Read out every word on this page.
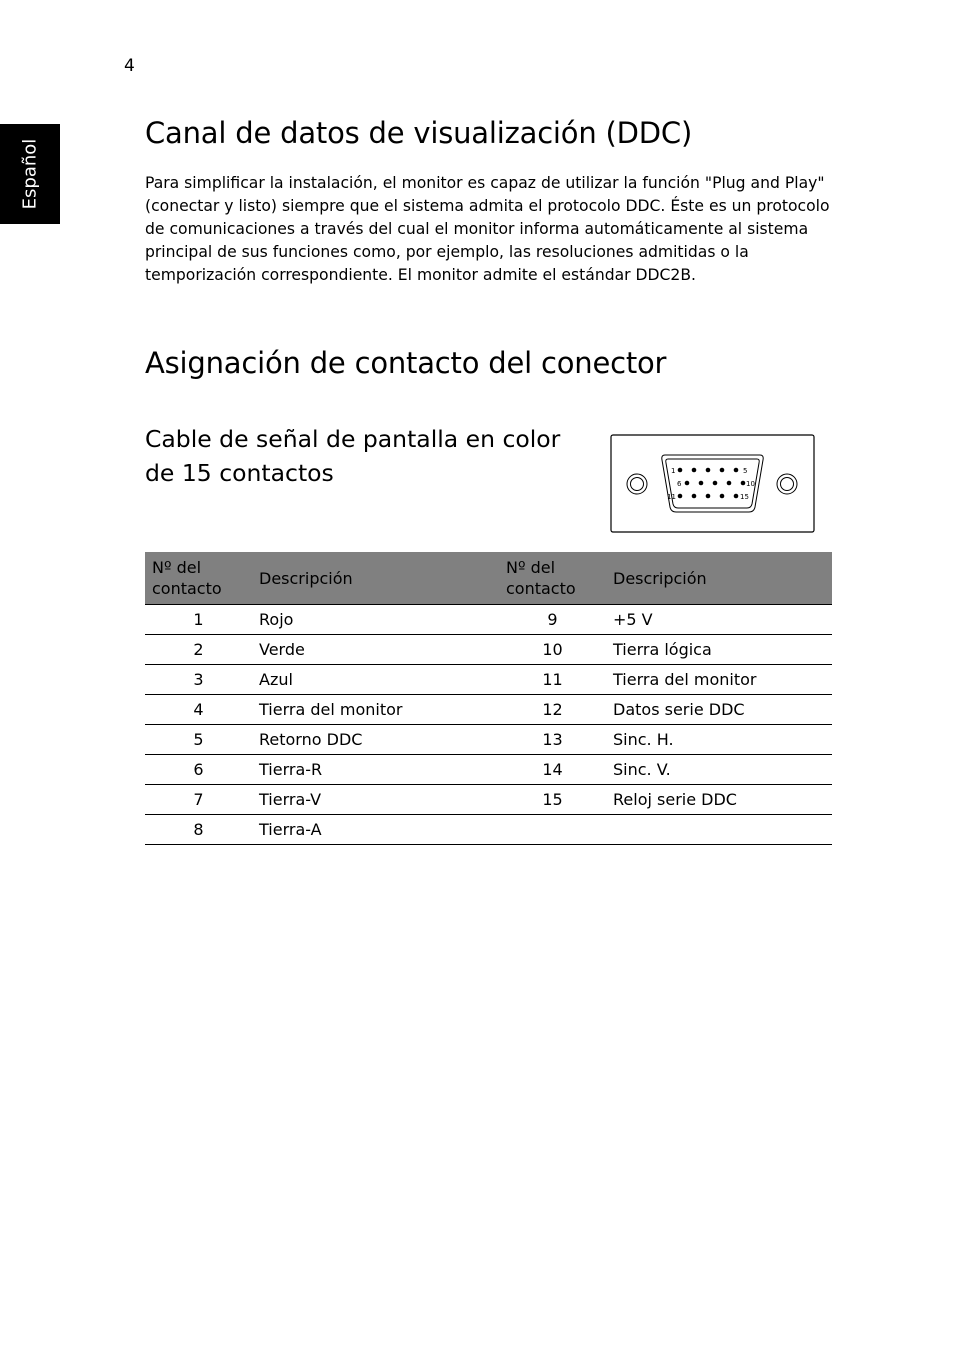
4
Español
Canal de datos de visualización (DDC)

Para simplificar la instalación, el monitor es capaz de utilizar la función "Plug and Play" (conectar y listo) siempre que el sistema admita el protocolo DDC. Éste es un protocolo de comunicaciones a través del cual el monitor informa automáticamente al sistema principal de sus funciones como, por ejemplo, las resoluciones admitidas o la temporización correspondiente. El monitor admite el estándar DDC2B.

Asignación de contacto del conector
Cable de señal de pantalla en color de 15 contactos	1	5
6	10
11	15
Nº del contacto	Descripción	Nº del contacto	Descripción
1	Rojo	9	+5 V
2	Verde	10	Tierra lógica
3	Azul	11	Tierra del monitor
4	Tierra del monitor	12	Datos serie DDC
5	Retorno DDC	13	Sinc. H.
6	Tierra-R	14	Sinc. V.
7	Tierra-V	15	Reloj serie DDC
8	Tierra-A		
